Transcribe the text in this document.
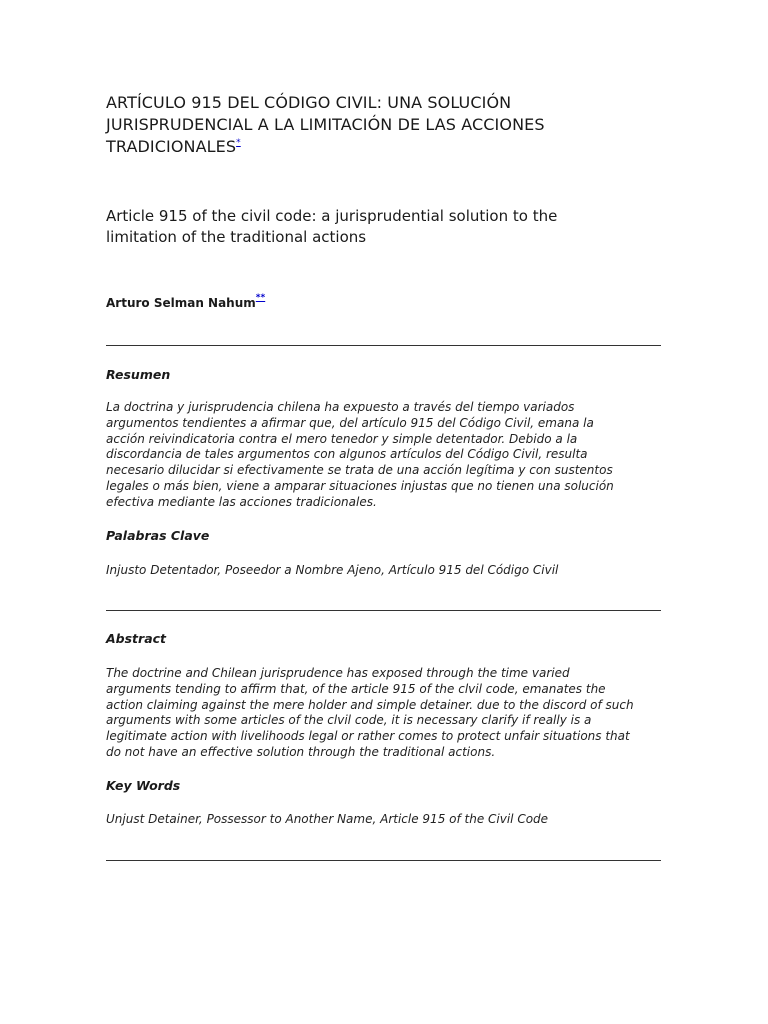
ARTÍCULO 915 DEL CÓDIGO CIVIL: UNA SOLUCIÓN
JURISPRUDENCIAL A LA LIMITACIÓN DE LAS ACCIONES
TRADICIONALES*
Article 915 of the civil code: a jurisprudential solution to the
limitation of the traditional actions
Arturo Selman Nahum**
Resumen
La doctrina y jurisprudencia chilena ha expuesto a través del tiempo variados
argumentos tendientes a afirmar que, del artículo 915 del Código Civil, emana la
acción reivindicatoria contra el mero tenedor y simple detentador. Debido a la
discordancia de tales argumentos con algunos artículos del Código Civil, resulta
necesario dilucidar si efectivamente se trata de una acción legítima y con sustentos
legales o más bien, viene a amparar situaciones injustas que no tienen una solución
efectiva mediante las acciones tradicionales.
Palabras Clave
Injusto Detentador, Poseedor a Nombre Ajeno, Artículo 915 del Código Civil
Abstract
The doctrine and Chilean jurisprudence has exposed through the time varied
arguments tending to affirm that, of the article 915 of the clvil code, emanates the
action claiming against the mere holder and simple detainer. due to the discord of such
arguments with some articles of the clvil code, it is necessary clarify if really is a
legitimate action with livelihoods legal or rather comes to protect unfair situations that
do not have an effective solution through the traditional actions.
Key Words
Unjust Detainer, Possessor to Another Name, Article 915 of the Civil Code
